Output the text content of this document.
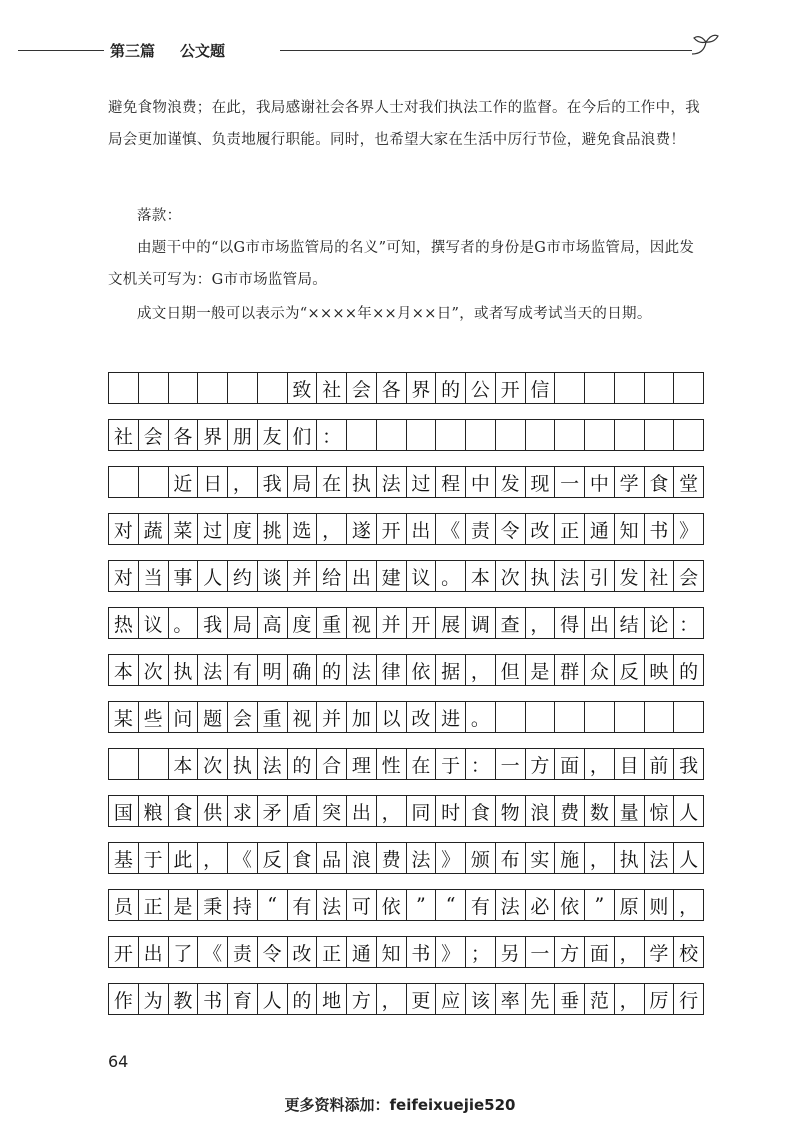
第三篇 公文题
避免食物浪费；在此，我局感谢社会各界人士对我们执法工作的监督。在今后的工作中，我局会更加谨慎、负责地履行职能。同时，也希望大家在生活中厉行节俭，避免食品浪费！
落款：
由题干中的“以G市市场监管局的名义”可知，撰写者的身份是G市市场监管局，因此发文机关可写为：G市市场监管局。
成文日期一般可以表示为“××××年××月××日”，或者写成考试当天的日期。
致 社 会 各 界 的 公 开 信
社 会 各 界 朋 友 们 ：
近 日 ， 我 局 在 执 法 过 程 中 发 现 一 中 学 食 堂
对 蔬 菜 过 度 挑 选 ， 遂 开 出 《 责 令 改 正 通 知 书 》
对 当 事 人 约 谈 并 给 出 建 议 。 本 次 执 法 引 发 社 会
热 议 。 我 局 高 度 重 视 并 开 展 调 查 ， 得 出 结 论 ：
本 次 执 法 有 明 确 的 法 律 依 据 ， 但 是 群 众 反 映 的
某 些 问 题 会 重 视 并 加 以 改 进 。
本 次 执 法 的 合 理 性 在 于 ： 一 方 面 ， 目 前 我
国 粮 食 供 求 矛 盾 突 出 ， 同 时 食 物 浪 费 数 量 惊 人
基 于 此 ， 《 反 食 品 浪 费 法 》 颁 布 实 施 ， 执 法 人
员 正 是 秉 持 “ 有 法 可 依 ”	“ 有 法 必 依 ” 原 则 ，
开 出 了 《 责 令 改 正 通 知 书 》 ； 另 一 方 面 ， 学 校
作 为 教 书 育 人 的 地 方 ， 更 应 该 率 先 垂 范 ， 厉 行
64
更多资料添加：feifeixuejie520
